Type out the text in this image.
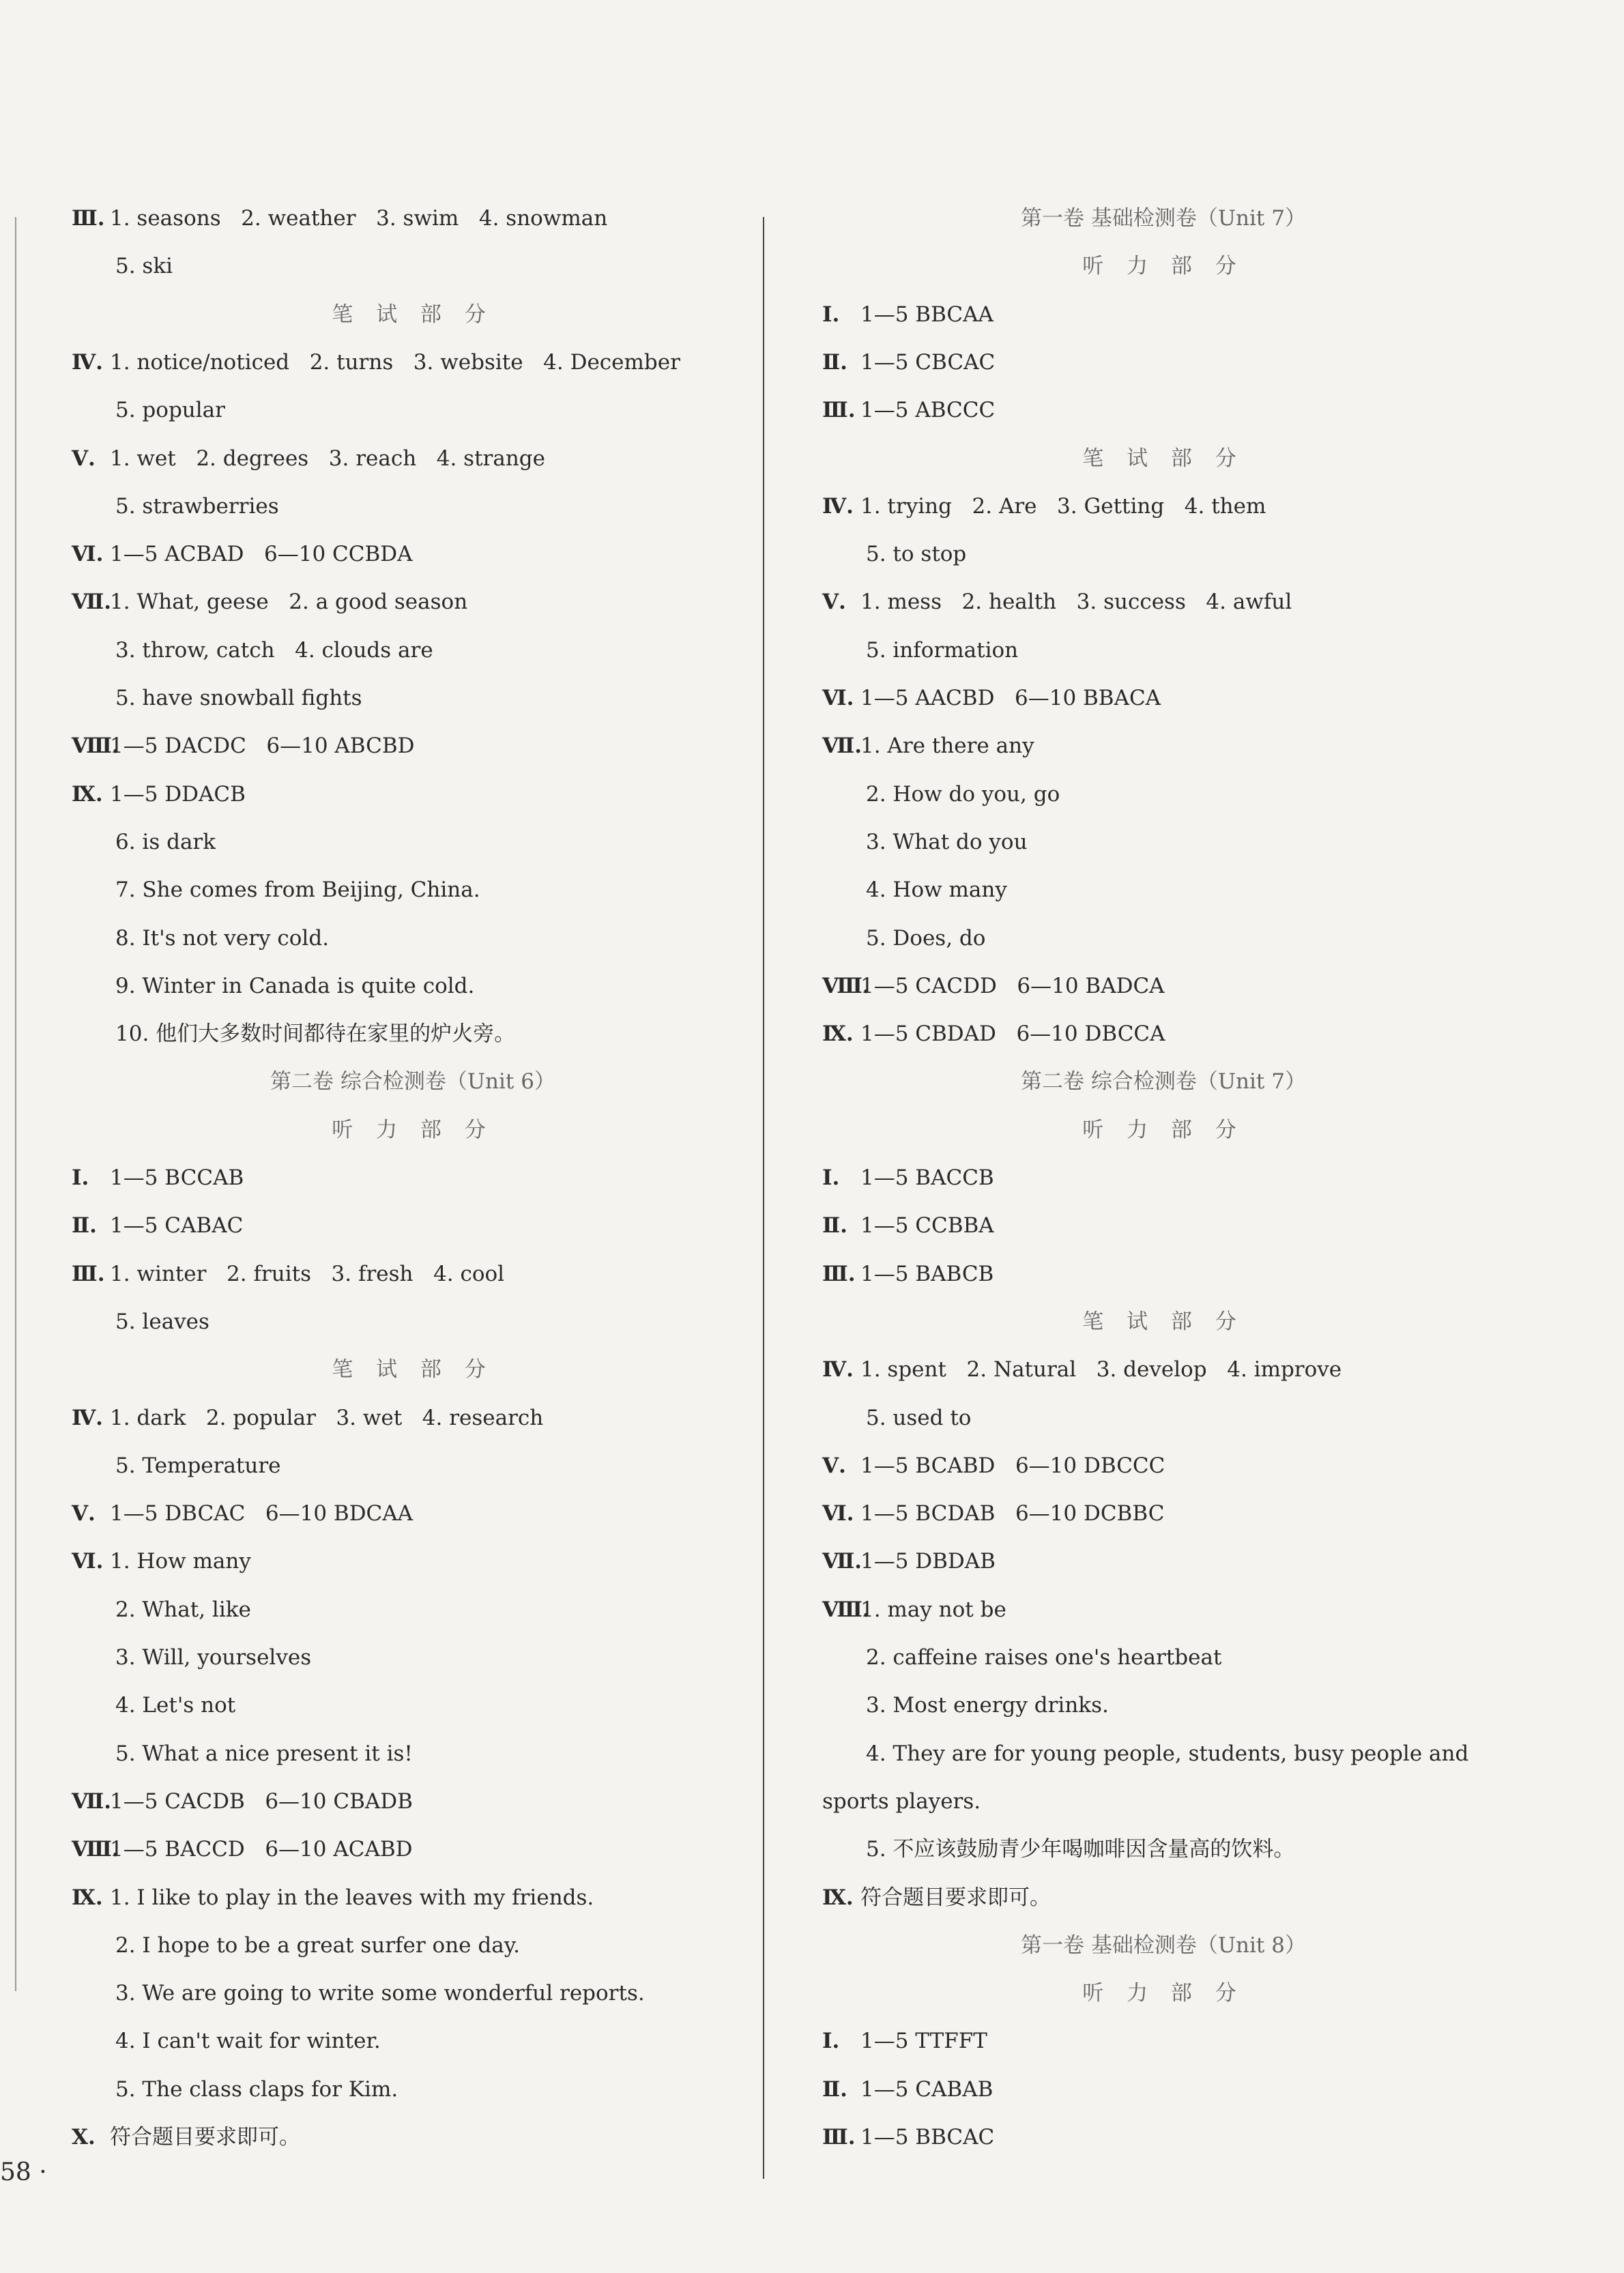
Ⅲ. 1. seasons   2. weather   3. swim   4. snowman
5. ski
笔 试 部 分
Ⅳ. 1. notice/noticed   2. turns   3. website   4. December
5. popular
Ⅴ. 1. wet   2. degrees   3. reach   4. strange
5. strawberries
Ⅵ. 1—5 ACBAD   6—10 CCBDA
Ⅶ.1. What, geese   2. a good season
3. throw, catch   4. clouds are
5. have snowball fights
Ⅷ.1—5 DACDC   6—10 ABCBD
Ⅸ. 1—5 DDACB
6. is dark
7. She comes from Beijing, China.
8. It's not very cold.
9. Winter in Canada is quite cold.
10. 他们大多数时间都待在家里的炉火旁。
第二卷 综合检测卷（Unit 6）
听 力 部 分
Ⅰ. 1—5 BCCAB
Ⅱ. 1—5 CABAC
Ⅲ. 1. winter   2. fruits   3. fresh   4. cool
5. leaves
笔 试 部 分
Ⅳ. 1. dark   2. popular   3. wet   4. research
5. Temperature
Ⅴ. 1—5 DBCAC   6—10 BDCAA
Ⅵ. 1. How many
2. What, like
3. Will, yourselves
4. Let's not
5. What a nice present it is!
Ⅶ.1—5 CACDB   6—10 CBADB
Ⅷ.1—5 BACCD   6—10 ACABD
Ⅸ. 1. I like to play in the leaves with my friends.
2. I hope to be a great surfer one day.
3. We are going to write some wonderful reports.
4. I can't wait for winter.
5. The class claps for Kim.
Ⅹ. 符合题目要求即可。
第一卷 基础检测卷（Unit 7）
听 力 部 分
Ⅰ. 1—5 BBCAA
Ⅱ. 1—5 CBCAC
Ⅲ. 1—5 ABCCC
笔 试 部 分
Ⅳ. 1. trying   2. Are   3. Getting   4. them
5. to stop
Ⅴ. 1. mess   2. health   3. success   4. awful
5. information
Ⅵ. 1—5 AACBD   6—10 BBACA
Ⅶ.1. Are there any
2. How do you, go
3. What do you
4. How many
5. Does, do
Ⅷ.1—5 CACDD   6—10 BADCA
Ⅸ. 1—5 CBDAD   6—10 DBCCA
第二卷 综合检测卷（Unit 7）
听 力 部 分
Ⅰ. 1—5 BACCB
Ⅱ. 1—5 CCBBA
Ⅲ. 1—5 BABCB
笔 试 部 分
Ⅳ. 1. spent   2. Natural   3. develop   4. improve
5. used to
Ⅴ. 1—5 BCABD   6—10 DBCCC
Ⅵ. 1—5 BCDAB   6—10 DCBBC
Ⅶ.1—5 DBDAB
Ⅷ.1. may not be
2. caffeine raises one's heartbeat
3. Most energy drinks.
4. They are for young people, students, busy people and
sports players.
5. 不应该鼓励青少年喝咖啡因含量高的饮料。
Ⅸ. 符合题目要求即可。
第一卷 基础检测卷（Unit 8）
听 力 部 分
Ⅰ. 1—5 TTFFT
Ⅱ. 1—5 CABAB
Ⅲ. 1—5 BBCAC
58 ·
